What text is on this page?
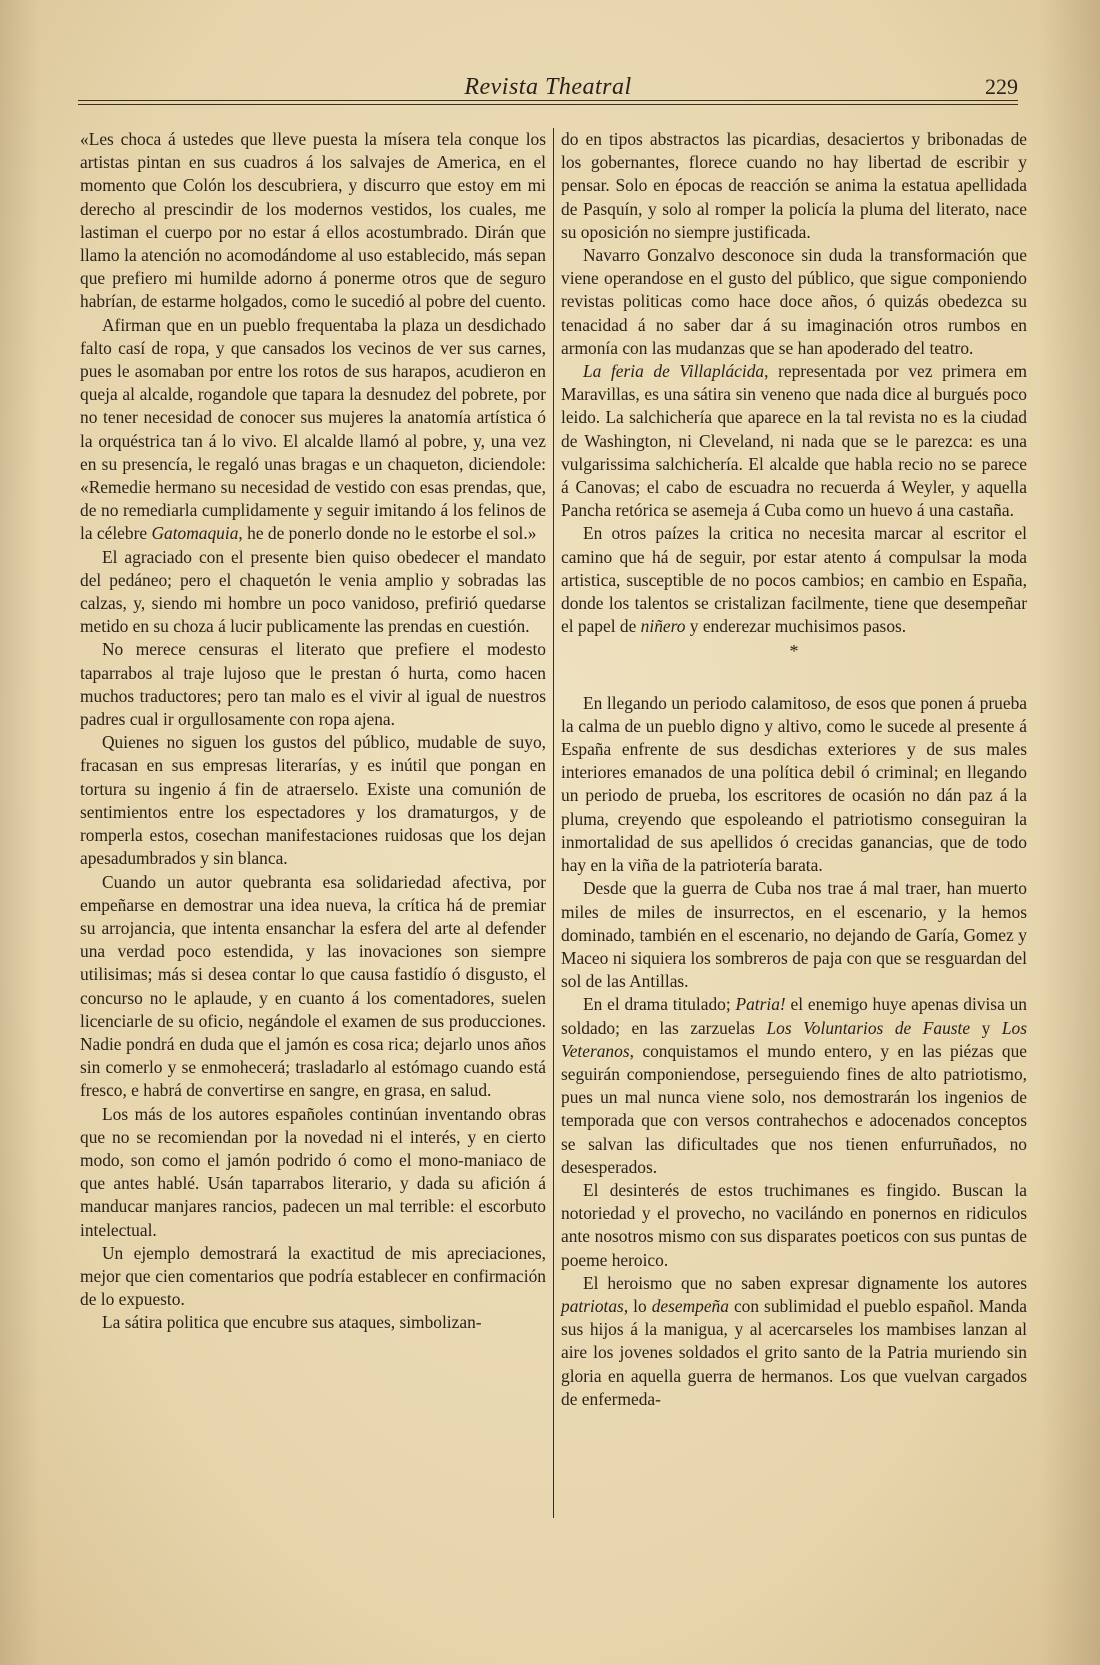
Revista Theatral	229

«Les choca á ustedes que lleve puesta la mísera tela conque los artistas pintan en sus cuadros á los salvajes de America, en el momento que Colón los descubriera, y discurro que estoy em mi derecho al prescindir de los modernos vestidos, los cuales, me lastiman el cuerpo por no estar á ellos acostumbrado. Dirán que llamo la atención no acomodándome al uso establecido, más sepan que prefiero mi humilde adorno á ponerme otros que de seguro habrían, de estarme holgados, como le sucedió al pobre del cuento.

Afirman que en un pueblo frequentaba la plaza un desdichado falto casí de ropa, y que cansados los vecinos de ver sus carnes, pues le asomaban por entre los rotos de sus harapos, acudieron en queja al alcalde, rogandole que tapara la desnudez del pobrete, por no tener necesidad de conocer sus mujeres la anatomía artística ó la orquéstrica tan á lo vivo. El alcalde llamó al pobre, y, una vez en su presencía, le regaló unas bragas e un chaqueton, diciendole: «Remedie hermano su necesidad de vestido con esas prendas, que, de no remediarla cumplidamente y seguir imitando á los felinos de la célebre Gatomaquia, he de ponerlo donde no le estorbe el sol.»

El agraciado con el presente bien quiso obedecer el mandato del pedáneo; pero el chaquetón le venia amplio y sobradas las calzas, y, siendo mi hombre un poco vanidoso, prefirió quedarse metido en su choza á lucir publicamente las prendas en cuestión.

No merece censuras el literato que prefiere el modesto taparrabos al traje lujoso que le prestan ó hurta, como hacen muchos traductores; pero tan malo es el vivir al igual de nuestros padres cual ir orgullosamente con ropa ajena.

Quienes no siguen los gustos del público, mudable de suyo, fracasan en sus empresas literarías, y es inútil que pongan en tortura su ingenio á fin de atraerselo. Existe una comunión de sentimientos entre los espectadores y los dramaturgos, y de romperla estos, cosechan manifestaciones ruidosas que los dejan apesadumbrados y sin blanca.

Cuando un autor quebranta esa solidariedad afectiva, por empeñarse en demostrar una idea nueva, la crítica há de premiar su arrojancia, que intenta ensanchar la esfera del arte al defender una verdad poco estendida, y las inovaciones son siempre utilisimas; más si desea contar lo que causa fastidío ó disgusto, el concurso no le aplaude, y en cuanto á los comentadores, suelen licenciarle de su oficio, negándole el examen de sus producciones. Nadie pondrá en duda que el jamón es cosa rica; dejarlo unos años sin comerlo y se enmohecerá; trasladarlo al estómago cuando está fresco, e habrá de convertirse en sangre, en grasa, en salud.

Los más de los autores españoles continúan inventando obras que no se recomiendan por la novedad ni el interés, y en cierto modo, son como el jamón podrido ó como el mono-maniaco de que antes hablé. Usán taparrabos literario, y dada su afición á manducar manjares rancios, padecen un mal terrible: el escorbuto intelectual.

Un ejemplo demostrará la exactitud de mis apreciaciones, mejor que cien comentarios que podría establecer en confirmación de lo expuesto.

La sátira politica que encubre sus ataques, simbolizan-

do en tipos abstractos las picardias, desaciertos y bribonadas de los gobernantes, florece cuando no hay libertad de escribir y pensar. Solo en épocas de reacción se anima la estatua apellidada de Pasquín, y solo al romper la policía la pluma del literato, nace su oposición no siempre justificada.

Navarro Gonzalvo desconoce sin duda la transformación que viene operandose en el gusto del público, que sigue componiendo revistas politicas como hace doce años, ó quizás obedezca su tenacidad á no saber dar á su imaginación otros rumbos en armonía con las mudanzas que se han apoderado del teatro.

La feria de Villaplácida, representada por vez primera em Maravillas, es una sátira sin veneno que nada dice al burgués poco leido. La salchichería que aparece en la tal revista no es la ciudad de Washington, ni Cleveland, ni nada que se le parezca: es una vulgarissima salchichería. El alcalde que habla recio no se parece á Canovas; el cabo de escuadra no recuerda á Weyler, y aquella Pancha retórica se asemeja á Cuba como un huevo á una castaña.

En otros paízes la critica no necesita marcar al escritor el camino que há de seguir, por estar atento á compulsar la moda artistica, susceptible de no pocos cambios; en cambio en España, donde los talentos se cristalizan facilmente, tiene que desempeñar el papel de niñero y enderezar muchisimos pasos.

*

En llegando un periodo calamitoso, de esos que ponen á prueba la calma de un pueblo digno y altivo, como le sucede al presente á España enfrente de sus desdichas exteriores y de sus males interiores emanados de una política debil ó criminal; en llegando un periodo de prueba, los escritores de ocasión no dán paz á la pluma, creyendo que espoleando el patriotismo conseguiran la inmortalidad de sus apellidos ó crecidas ganancias, que de todo hay en la viña de la patriotería barata.

Desde que la guerra de Cuba nos trae á mal traer, han muerto miles de miles de insurrectos, en el escenario, y la hemos dominado, también en el escenario, no dejando de Garía, Gomez y Maceo ni siquiera los sombreros de paja con que se resguardan del sol de las Antillas.

En el drama titulado; Patria! el enemigo huye apenas divisa un soldado; en las zarzuelas Los Voluntarios de Fauste y Los Veteranos, conquistamos el mundo entero, y en las piézas que seguirán componiendose, perseguiendo fines de alto patriotismo, pues un mal nunca viene solo, nos demostrarán los ingenios de temporada que con versos contrahechos e adocenados conceptos se salvan las dificultades que nos tienen enfurruñados, no desesperados.

El desinterés de estos truchimanes es fingido. Buscan la notoriedad y el provecho, no vacilándo en ponernos en ridiculos ante nosotros mismo con sus disparates poeticos con sus puntas de poeme heroico.

El heroismo que no saben expresar dignamente los autores patriotas, lo desempeña con sublimidad el pueblo español. Manda sus hijos á la manigua, y al acercarseles los mambises lanzan al aire los jovenes soldados el grito santo de la Patria muriendo sin gloria en aquella guerra de hermanos. Los que vuelvan cargados de enfermeda-
